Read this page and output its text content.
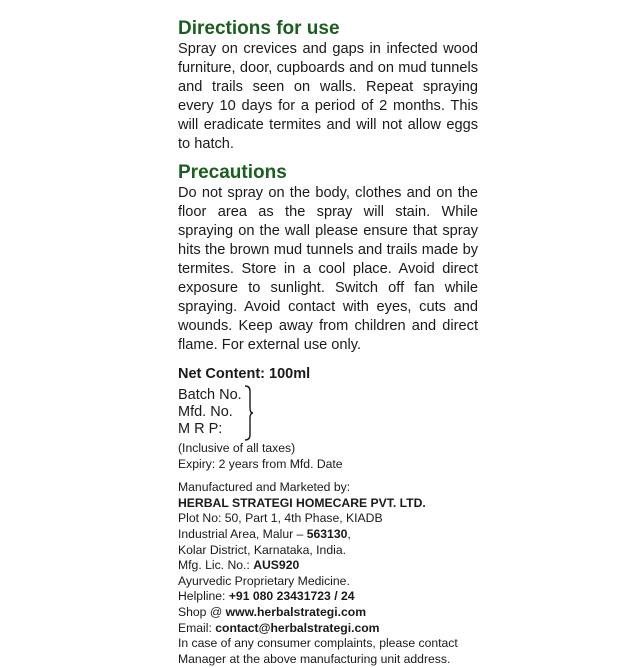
Directions for use

Spray on crevices and gaps in infected wood furniture, door, cupboards and on mud tunnels and trails seen on walls. Repeat spraying every 10 days for a period of 2 months. This will eradicate termites and will not allow eggs to hatch.

Precautions

Do not spray on the body, clothes and on the floor area as the spray will stain. While spraying on the wall please ensure that spray hits the brown mud tunnels and trails made by termites. Store in a cool place. Avoid direct exposure to sunlight. Switch off fan while spraying. Avoid contact with eyes, cuts and wounds. Keep away from children and direct flame. For external use only.

Net Content: 100ml
Batch No.
Mfd. No.
M R P:

(Inclusive of all taxes)

Expiry: 2 years from Mfd. Date

Manufactured and Marketed by:

HERBAL STRATEGI HOMECARE PVT. LTD.

Plot No: 50, Part 1, 4th Phase, KIADB

Industrial Area, Malur – 563130,

Kolar District, Karnataka, India.

Mfg. Lic. No.: AUS920

Ayurvedic Proprietary Medicine.

Helpline: +91 080 23431723 / 24

Shop @ www.herbalstrategi.com

Email: contact@herbalstrategi.com

In case of any consumer complaints, please contact

Manager at the above manufacturing unit address.
